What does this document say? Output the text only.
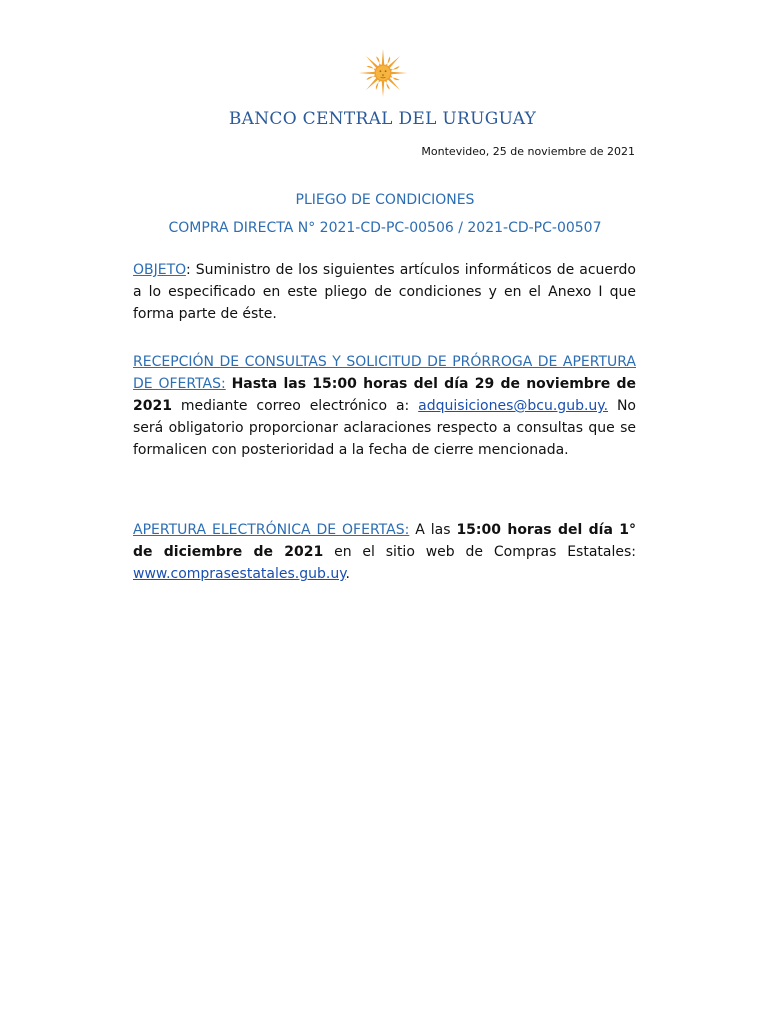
BANCO CENTRAL DEL URUGUAY
Montevideo, 25 de noviembre de 2021
PLIEGO DE CONDICIONES
COMPRA DIRECTA N° 2021-CD-PC-00506 / 2021-CD-PC-00507
OBJETO: Suministro de los siguientes artículos informáticos de acuerdo a lo especificado en este pliego de condiciones y en el Anexo I que forma parte de éste.
RECEPCIÓN DE CONSULTAS Y SOLICITUD DE PRÓRROGA DE APERTURA DE OFERTAS: Hasta las 15:00 horas del día 29 de noviembre de 2021 mediante correo electrónico a: adquisiciones@bcu.gub.uy. No será obligatorio proporcionar aclaraciones respecto a consultas que se formalicen con posterioridad a la fecha de cierre mencionada.
APERTURA ELECTRÓNICA DE OFERTAS: A las 15:00 horas del día 1° de diciembre de 2021 en el sitio web de Compras Estatales: www.comprasestatales.gub.uy.
